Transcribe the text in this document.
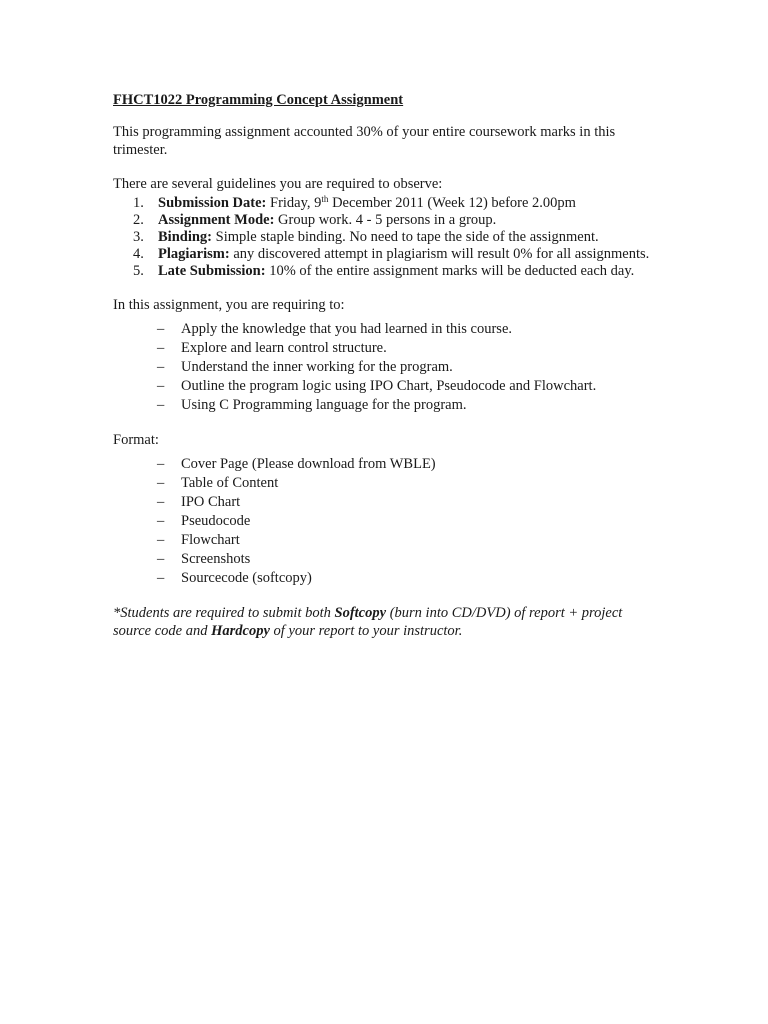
FHCT1022 Programming Concept Assignment

This programming assignment accounted 30% of your entire coursework marks in this trimester.

There are several guidelines you are required to observe:

1. Submission Date: Friday, 9th December 2011 (Week 12) before 2.00pm
2. Assignment Mode: Group work. 4 - 5 persons in a group.
3. Binding: Simple staple binding. No need to tape the side of the assignment.
4. Plagiarism: any discovered attempt in plagiarism will result 0% for all assignments.
5. Late Submission: 10% of the entire assignment marks will be deducted each day.

In this assignment, you are requiring to:

– Apply the knowledge that you had learned in this course.
– Explore and learn control structure.
– Understand the inner working for the program.
– Outline the program logic using IPO Chart, Pseudocode and Flowchart.
– Using C Programming language for the program.

Format:

– Cover Page (Please download from WBLE)
– Table of Content
– IPO Chart
– Pseudocode
– Flowchart
– Screenshots
– Sourcecode (softcopy)

*Students are required to submit both Softcopy (burn into CD/DVD) of report + project source code and Hardcopy of your report to your instructor.
